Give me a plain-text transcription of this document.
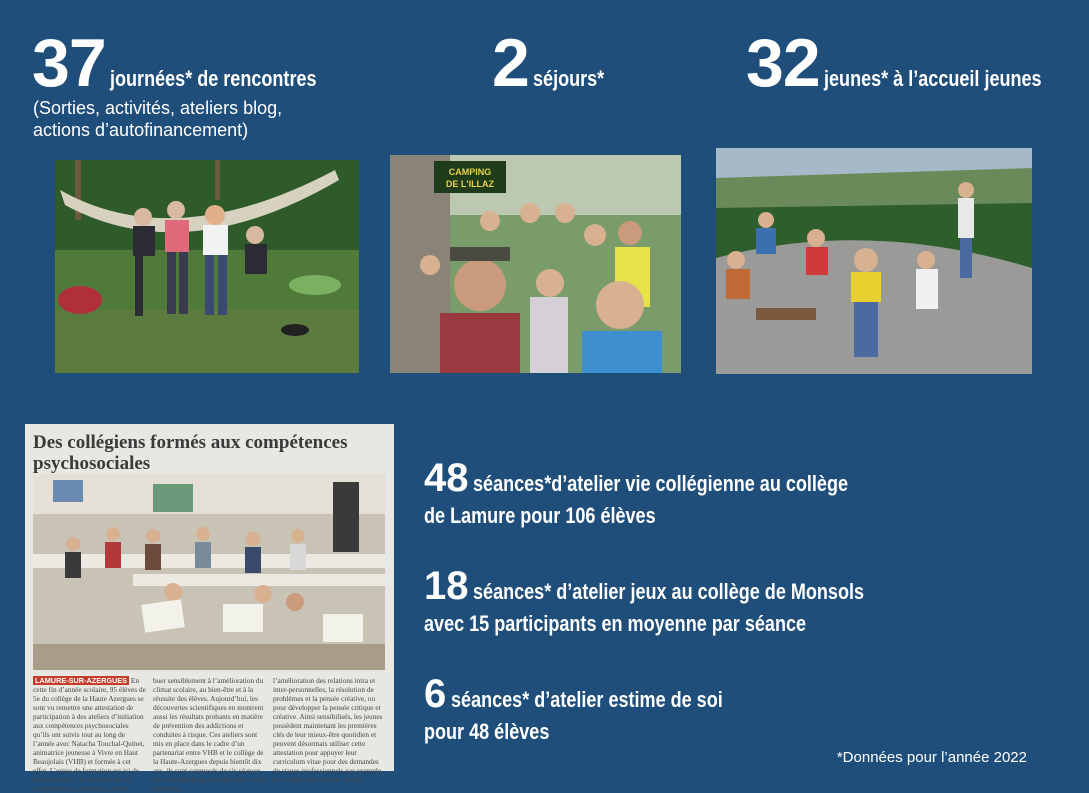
37 journées* de rencontres
(Sorties, activités, ateliers blog,
actions d’autofinancement)
2 séjours* 32 jeunes* à l’accueil jeunes
CAMPING
DE L'ILLAZ
Des collégiens formés aux compétences
psychosociales
LAMURE-SUR-AZERGUES En cette fin d’année scolaire, 95 élèves de 5e du collège de la Haute Azergues se sont vu remettre une attestation de participation à des ateliers d’initiation aux compétences psychosociales qu’ils ont suivis tout au long de l’année avec Natacha Touchal-Quinet, animatrice jeunesse à Vivre en Haut Beaujolais (VHB) et formée à cet effet. L’enjeu de formation est ici de taille puisque l’acquisition de ces compétences a vocation à contri-
buer sensiblement à l’amélioration du climat scolaire, au bien-être et à la réussite des élèves. Aujourd’hui, les découvertes scientifiques en montrent aussi les résultats probants en matière de prévention des addictions et conduites à risque. Ces ateliers sont mis en place dans le cadre d’un partenariat entre VHB et le collège de la Haute-Azergues depuis bientôt dix ans, ils sont composés de six séances pour aborder la gestion du stress et des émotions,
l’amélioration des relations intra et inter-personnelles, la résolution de problèmes et la pensée créative, ou pour développer la pensée critique et créative. Ainsi sensibilisés, les jeunes possèdent maintenant les premières clés de leur mieux-être quotidien et peuvent désormais utiliser cette attestation pour appuyer leur curriculum vitae pour des demandes de stages professionnels par exemple, ou la sélection dans des écoles.
48 séances*d’atelier vie collégienne au collège
de Lamure pour 106 élèves
18 séances* d’atelier jeux au collège de Monsols
avec 15 participants en moyenne par séance
6 séances* d’atelier estime de soi
pour 48 élèves
*Données pour l’année 2022
